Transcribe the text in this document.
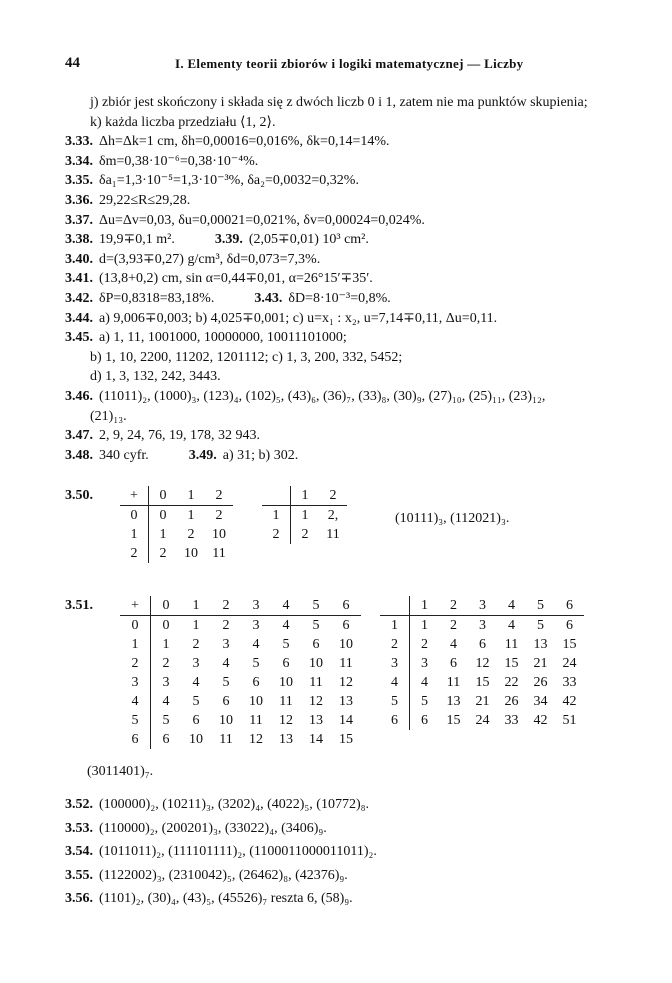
44	I. Elementy teorii zbiorów i logiki matematycznej — Liczby
j) zbiór jest skończony i składa się z dwóch liczb 0 i 1, zatem nie ma punktów skupienia;
k) każda liczba przedziału ⟨1, 2⟩.
3.33. Δh=Δk=1 cm, δh=0,00016=0,016%, δk=0,14=14%.
3.34. δm=0,38·10⁻⁶=0,38·10⁻⁴%.
3.35. δa₁=1,3·10⁻⁵=1,3·10⁻³%, δa₂=0,0032=0,32%.
3.36. 29,22≤R≤29,28.
3.37. Δu=Δv=0,03, δu=0,00021=0,021%, δv=0,00024=0,024%.
3.38. 19,9∓0,1 m².	3.39. (2,05∓0,01) 10³ cm².
3.40. d=(3,93∓0,27) g/cm³, δd=0,073=7,3%.
3.41. (13,8+0,2) cm, sin α=0,44∓0,01, α=26°15′∓35′.
3.42. δP=0,8318=83,18%.	3.43. δD=8·10⁻³=0,8%.
3.44. a) 9,006∓0,003; b) 4,025∓0,001; c) u=x₁ : x₂, u=7,14∓0,11, Δu=0,11.
3.45. a) 1, 11, 1001000, 10000000, 10011101000;
b) 1, 10, 2200, 11202, 1201112; c) 1, 3, 200, 332, 5452;
d) 1, 3, 132, 242, 3443.
3.46. (11011)₂, (1000)₃, (123)₄, (102)₅, (43)₆, (36)₇, (33)₈, (30)₉, (27)₁₀, (25)₁₁, (23)₁₂,
(21)₁₃.
3.47. 2, 9, 24, 76, 19, 178, 32 943.
3.48. 340 cyfr.	3.49. a) 31; b) 302.
3.50.	+	0	1	2
0	0	1	2
1	1	2	10
2	2	10	11
	1	2
1	1	2,
2	2	11
(10111)₃, (112021)₃.
3.51.	+	0	1	2	3	4	5	6
0	0	1	2	3	4	5	6
1	1	2	3	4	5	6	10
2	2	3	4	5	6	10	11
3	3	4	5	6	10	11	12
4	4	5	6	10	11	12	13
5	5	6	10	11	12	13	14
6	6	10	11	12	13	14	15
	1	2	3	4	5	6
1	1	2	3	4	5	6
2	2	4	6	11	13	15
3	3	6	12	15	21	24
4	4	11	15	22	26	33
5	5	13	21	26	34	42
6	6	15	24	33	42	51
(3011401)₇.
3.52. (100000)₂, (10211)₃, (3202)₄, (4022)₅, (10772)₈.
3.53. (110000)₂, (200201)₃, (33022)₄, (3406)₉.
3.54. (1011011)₂, (111101111)₂, (1100011000011011)₂.
3.55. (1122002)₃, (2310042)₅, (26462)₈, (42376)₉.
3.56. (1101)₂, (30)₄, (43)₅, (45526)₇ reszta 6, (58)₉.
